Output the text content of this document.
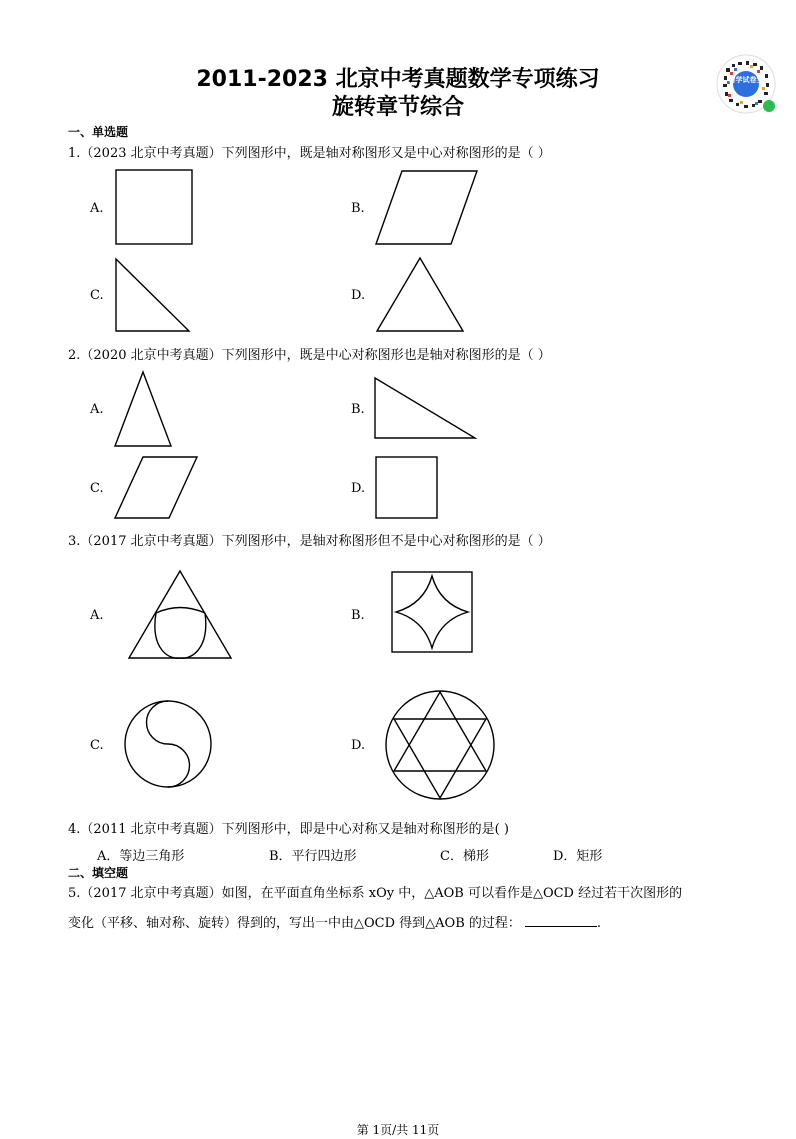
2011-2023 北京中考真题数学专项练习
旋转章节综合
留学试卷宝
一、单选题
1.（2023 北京中考真题）下列图形中，既是轴对称图形又是中心对称图形的是（ ）
A.	B.
C.	D.
2.（2020 北京中考真题）下列图形中，既是中心对称图形也是轴对称图形的是（ ）
A.	B.
C.	D.
3.（2017 北京中考真题）下列图形中，是轴对称图形但不是中心对称图形的是（ ）
A.	B.
C.	D.
4.（2011 北京中考真题）下列图形中，即是中心对称又是轴对称图形的是( )
A．等边三角形	B．平行四边形	C．梯形	D．矩形
二、填空题
5.（2017 北京中考真题）如图，在平面直角坐标系 xOy 中，△AOB 可以看作是△OCD 经过若干次图形的
变化（平移、轴对称、旋转）得到的，写出一中由△OCD 得到△AOB 的过程：	.
第 1页/共 11页
